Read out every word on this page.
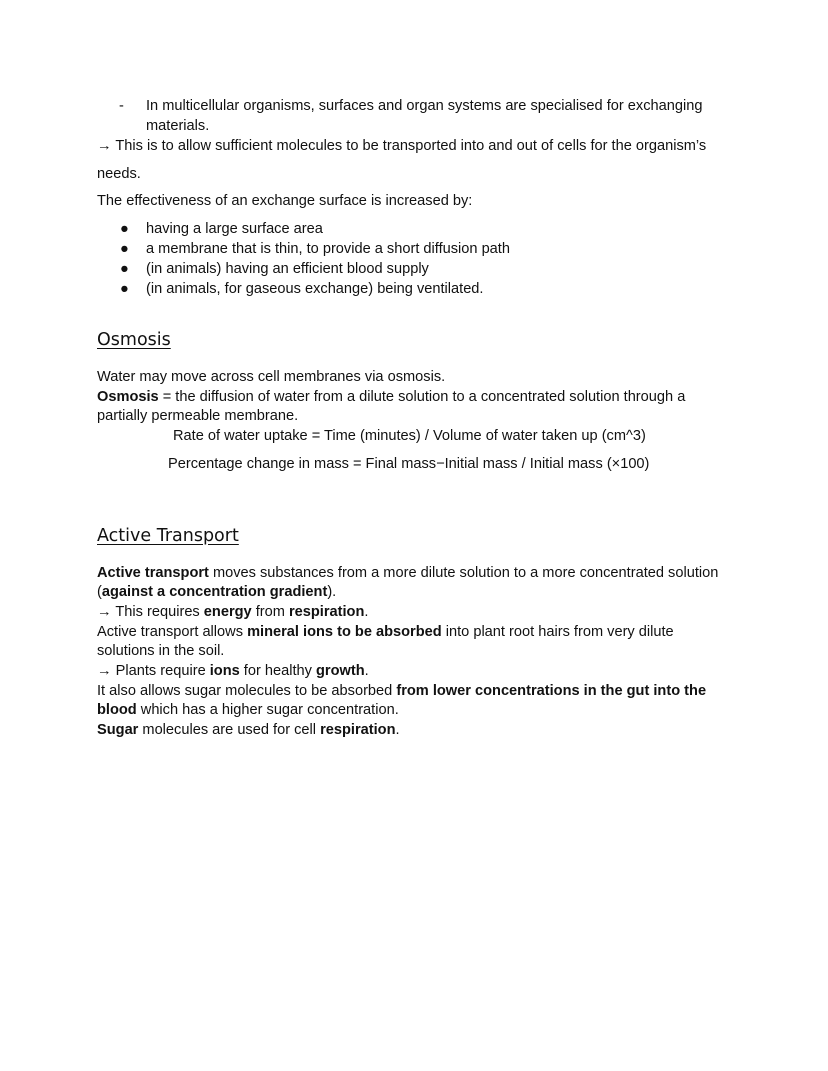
- In multicellular organisms, surfaces and organ systems are specialised for exchanging
materials.
→ This is to allow sufficient molecules to be transported into and out of cells for the organism’s
needs.
The effectiveness of an exchange surface is increased by:
● having a large surface area
● a membrane that is thin, to provide a short diffusion path
● (in animals) having an efficient blood supply
● (in animals, for gaseous exchange) being ventilated.
Osmosis
Water may move across cell membranes via osmosis.
Osmosis = the diffusion of water from a dilute solution to a concentrated solution through a
partially permeable membrane.
Rate of water uptake = Time (minutes) / Volume of water taken up (cm^3)
Percentage change in mass = Final mass−Initial mass / Initial mass (×100)
Active Transport
Active transport moves substances from a more dilute solution to a more concentrated solution
(against a concentration gradient).
→ This requires energy from respiration.
Active transport allows mineral ions to be absorbed into plant root hairs from very dilute
solutions in the soil.
→ Plants require ions for healthy growth.
It also allows sugar molecules to be absorbed from lower concentrations in the gut into the
blood which has a higher sugar concentration.
Sugar molecules are used for cell respiration.
